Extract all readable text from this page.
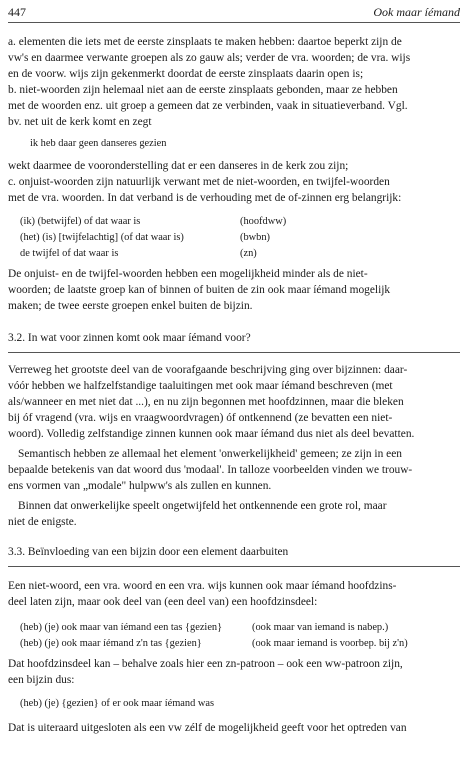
447	Ook maar íémand
a. elementen die iets met de eerste zinsplaats te maken hebben: daartoe beperkt zijn de
vw's en daarmee verwante groepen als zo gauw als; verder de vra. woorden; de vra. wijs
en de voorw. wijs zijn gekenmerkt doordat de eerste zinsplaats daarin open is;
b. niet-woorden zijn helemaal niet aan de eerste zinsplaats gebonden, maar ze hebben
met de woorden enz. uit groep a gemeen dat ze verbinden, vaak in situatieverband. Vgl.
bv. net uit de kerk komt en zegt
ik heb daar geen danseres gezien
wekt daarmee de vooronderstelling dat er een danseres in de kerk zou zijn;
c. onjuist-woorden zijn natuurlijk verwant met de niet-woorden, en twijfel-woorden
met de vra. woorden. In dat verband is de verhouding met de of-zinnen erg belangrijk:
(ik) (betwijfel) of dat waar is	(hoofdww)
(het) (is) [twijfelachtig] (of dat waar is)	(bwbn)
de twijfel of dat waar is	(zn)
De onjuist- en de twijfel-woorden hebben een mogelijkheid minder als de niet-
woorden; de laatste groep kan of binnen of buiten de zin ook maar íémand mogelijk
maken; de twee eerste groepen enkel buiten de bijzin.
3.2. In wat voor zinnen komt ook maar íémand voor?
Verreweg het grootste deel van de voorafgaande beschrijving ging over bijzinnen: daar-
vóór hebben we halfzelfstandige taaluitingen met ook maar íémand beschreven (met
als/wanneer en met niet dat ...), en nu zijn begonnen met hoofdzinnen, maar die bleken
bij óf vragend (vra. wijs en vraagwoordvragen) óf ontkennend (ze bevatten een niet-
woord). Volledig zelfstandige zinnen kunnen ook maar íémand dus niet als deel bevatten.
Semantisch hebben ze allemaal het element 'onwerkelijkheid' gemeen; ze zijn in een
bepaalde betekenis van dat woord dus 'modaal'. In talloze voorbeelden vinden we trouw-
ens vormen van „modale" hulpww's als zullen en kunnen.
Binnen dat onwerkelijke speelt ongetwijfeld het ontkennende een grote rol, maar
niet de enigste.
3.3. Beïnvloeding van een bijzin door een element daarbuiten
Een niet-woord, een vra. woord en een vra. wijs kunnen ook maar íémand hoofdzins-
deel laten zijn, maar ook deel van (een deel van) een hoofdzinsdeel:
(heb) (je) ook maar van íémand een tas {gezien}	(ook maar van iemand is nabep.)
(heb) (je) ook maar íémand z'n tas {gezien}	(ook maar iemand is voorbep. bij z'n)
Dat hoofdzinsdeel kan – behalve zoals hier een zn-patroon – ook een ww-patroon zijn,
een bijzin dus:
(heb) (je) {gezien} of er ook maar íémand was
Dat is uiteraard uitgesloten als een vw zélf de mogelijkheid geeft voor het optreden van
